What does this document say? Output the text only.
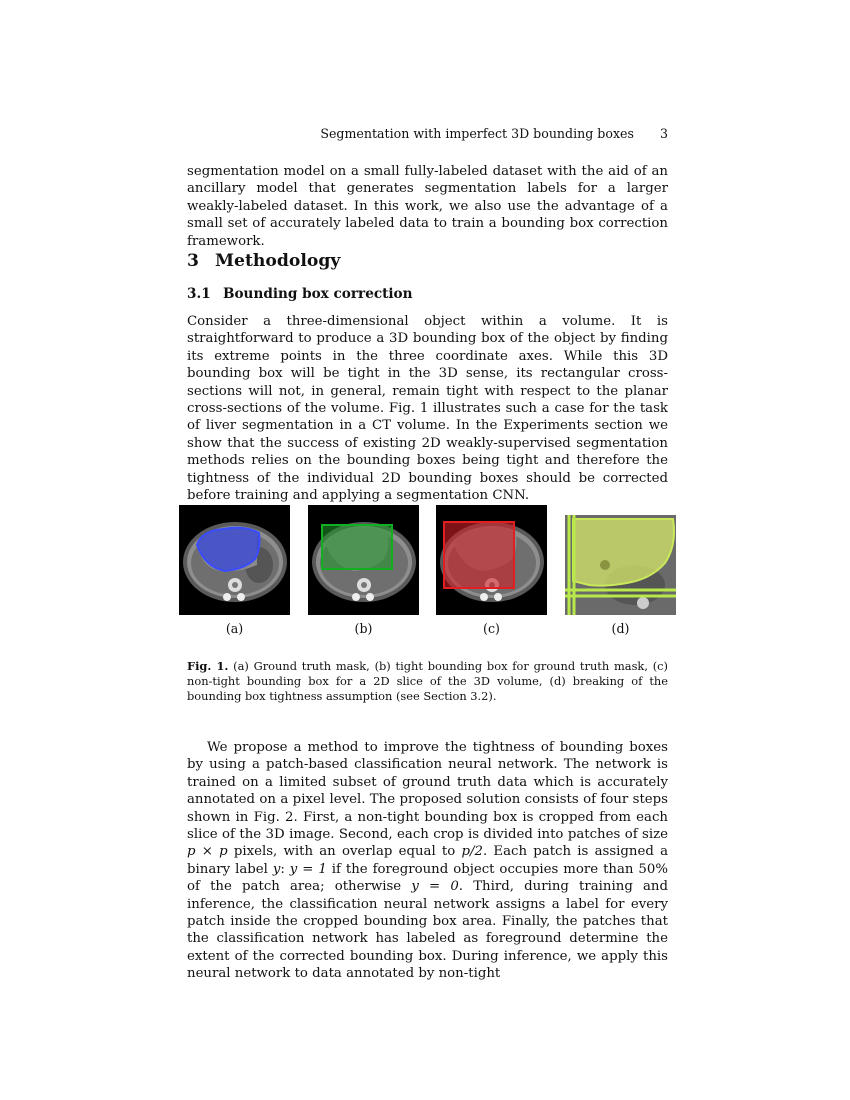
Segmentation with imperfect 3D bounding boxes 3

segmentation model on a small fully-labeled dataset with the aid of an ancillary model that generates segmentation labels for a larger weakly-labeled dataset. In this work, we also use the advantage of a small set of accurately labeled data to train a bounding box correction framework.

3 Methodology
3.1 Bounding box correction

Consider a three-dimensional object within a volume. It is straightforward to produce a 3D bounding box of the object by finding its extreme points in the three coordinate axes. While this 3D bounding box will be tight in the 3D sense, its rectangular cross-sections will not, in general, remain tight with respect to the planar cross-sections of the volume. Fig. 1 illustrates such a case for the task of liver segmentation in a CT volume. In the Experiments section we show that the success of existing 2D weakly-supervised segmentation methods relies on the bounding boxes being tight and therefore the tightness of the individual 2D bounding boxes should be corrected before training and applying a segmentation CNN.

(a)	(b)	(c)	(d)
Fig. 1. (a) Ground truth mask, (b) tight bounding box for ground truth mask, (c) non-tight bounding box for a 2D slice of the 3D volume, (d) breaking of the bounding box tightness assumption (see Section 3.2).

We propose a method to improve the tightness of bounding boxes by using a patch-based classification neural network. The network is trained on a limited subset of ground truth data which is accurately annotated on a pixel level. The proposed solution consists of four steps shown in Fig. 2. First, a non-tight bounding box is cropped from each slice of the 3D image. Second, each crop is divided into patches of size p × p pixels, with an overlap equal to p/2. Each patch is assigned a binary label y: y = 1 if the foreground object occupies more than 50% of the patch area; otherwise y = 0. Third, during training and inference, the classification neural network assigns a label for every patch inside the cropped bounding box area. Finally, the patches that the classification network has labeled as foreground determine the extent of the corrected bounding box. During inference, we apply this neural network to data annotated by non-tight
